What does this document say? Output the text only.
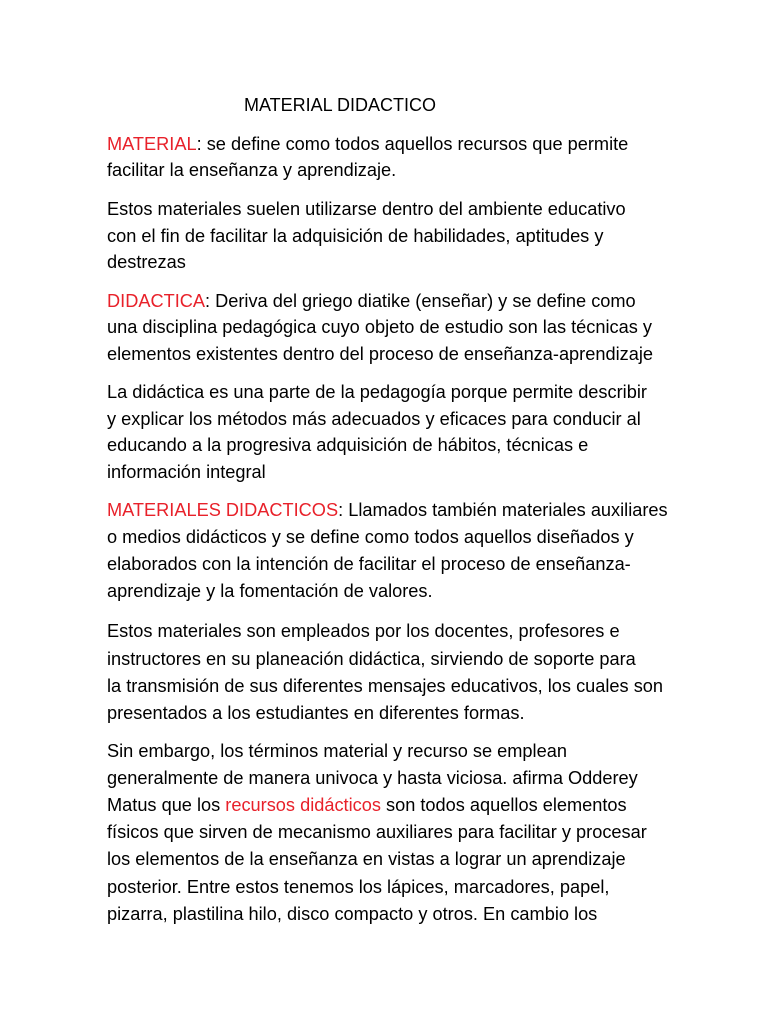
MATERIAL DIDACTICO

MATERIAL: se define como todos aquellos recursos que permite

facilitar la enseñanza y aprendizaje.

Estos materiales suelen utilizarse dentro del ambiente educativo

con el fin de facilitar la adquisición de habilidades, aptitudes y

destrezas

DIDACTICA: Deriva del griego diatike (enseñar) y se define como

una disciplina pedagógica cuyo objeto de estudio son las técnicas y

elementos existentes dentro del proceso de enseñanza-aprendizaje

La didáctica es una parte de la pedagogía porque permite describir

y explicar los métodos más adecuados y eficaces para conducir al

educando a la progresiva adquisición de hábitos, técnicas e

información integral

MATERIALES DIDACTICOS: Llamados también materiales auxiliares

o medios didácticos y se define como todos aquellos diseñados y

elaborados con la intención de facilitar el proceso de enseñanza-

aprendizaje y la fomentación de valores.

Estos materiales son empleados por los docentes, profesores e

instructores en su planeación didáctica, sirviendo de soporte para

la transmisión de sus diferentes mensajes educativos, los cuales son

presentados a los estudiantes en diferentes formas.

Sin embargo, los términos material y recurso se emplean

generalmente de manera univoca y hasta viciosa. afirma Odderey

Matus que los recursos didácticos son todos aquellos elementos

físicos que sirven de mecanismo auxiliares para facilitar y procesar

los elementos de la enseñanza en vistas a lograr un aprendizaje

posterior. Entre estos tenemos los lápices, marcadores, papel,

pizarra, plastilina hilo, disco compacto y otros. En cambio los
